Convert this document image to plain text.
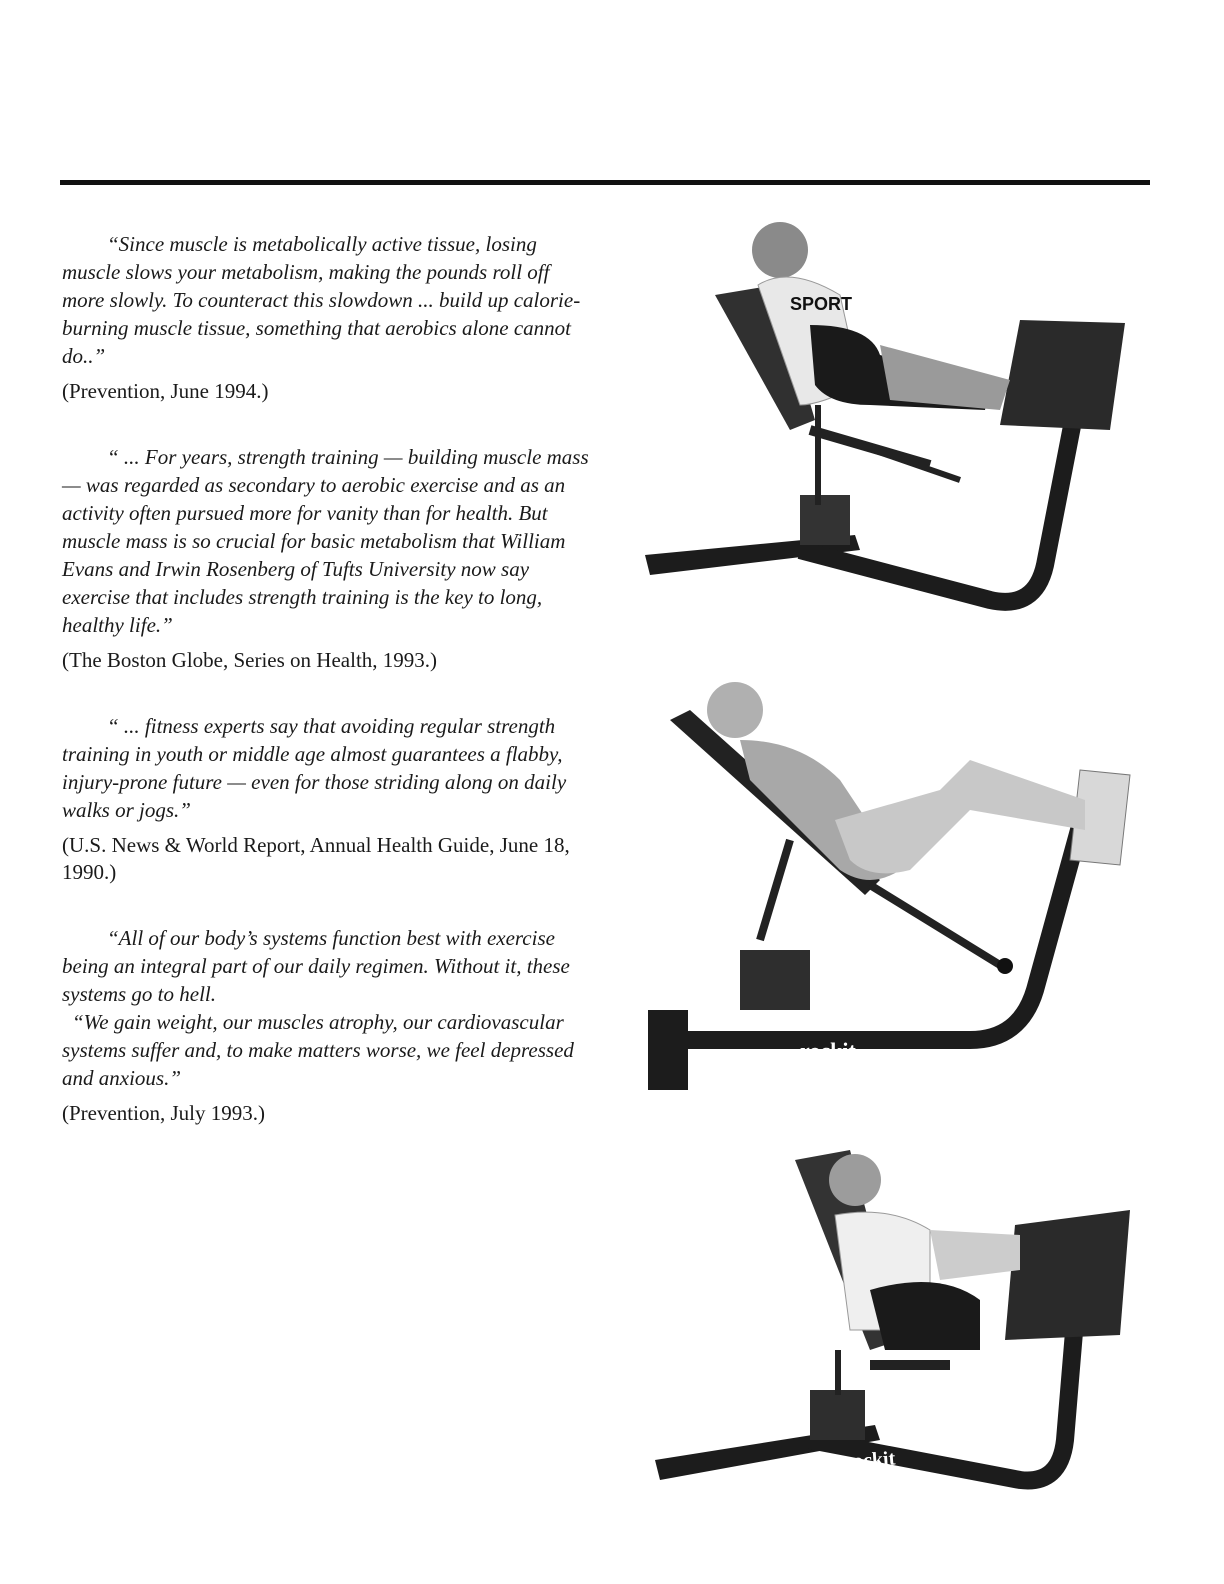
“Since muscle is metabolically active tissue, losing muscle slows your metabolism, making the pounds roll off more slowly. To counteract this slowdown ... build up calorie-burning muscle tissue, something that aerobics alone cannot do..”

(Prevention, June 1994.)

“ ... For years, strength training — building muscle mass — was regarded as secondary to aerobic exercise and as an activity often pursued more for vanity than for health. But muscle mass is so crucial for basic metabolism that William Evans and Irwin Rosenberg of Tufts University now say exercise that includes strength training is the key to long, healthy life.”

(The Boston Globe, Series on Health, 1993.)

“ ... fitness experts say that avoiding regular strength training in youth or middle age almost guarantees a flabby, injury-prone future — even for those striding along on daily walks or jogs.”

(U.S. News & World Report, Annual Health Guide, June 18, 1990.)

“All of our body’s systems function best with exercise being an integral part of our daily regimen. Without it, these systems go to hell.

“We gain weight, our muscles atrophy, our cardiovascular systems suffer and, to make matters worse, we feel depressed and anxious.”

(Prevention, July 1993.)

SPORT
rockit
rockit
rockit
